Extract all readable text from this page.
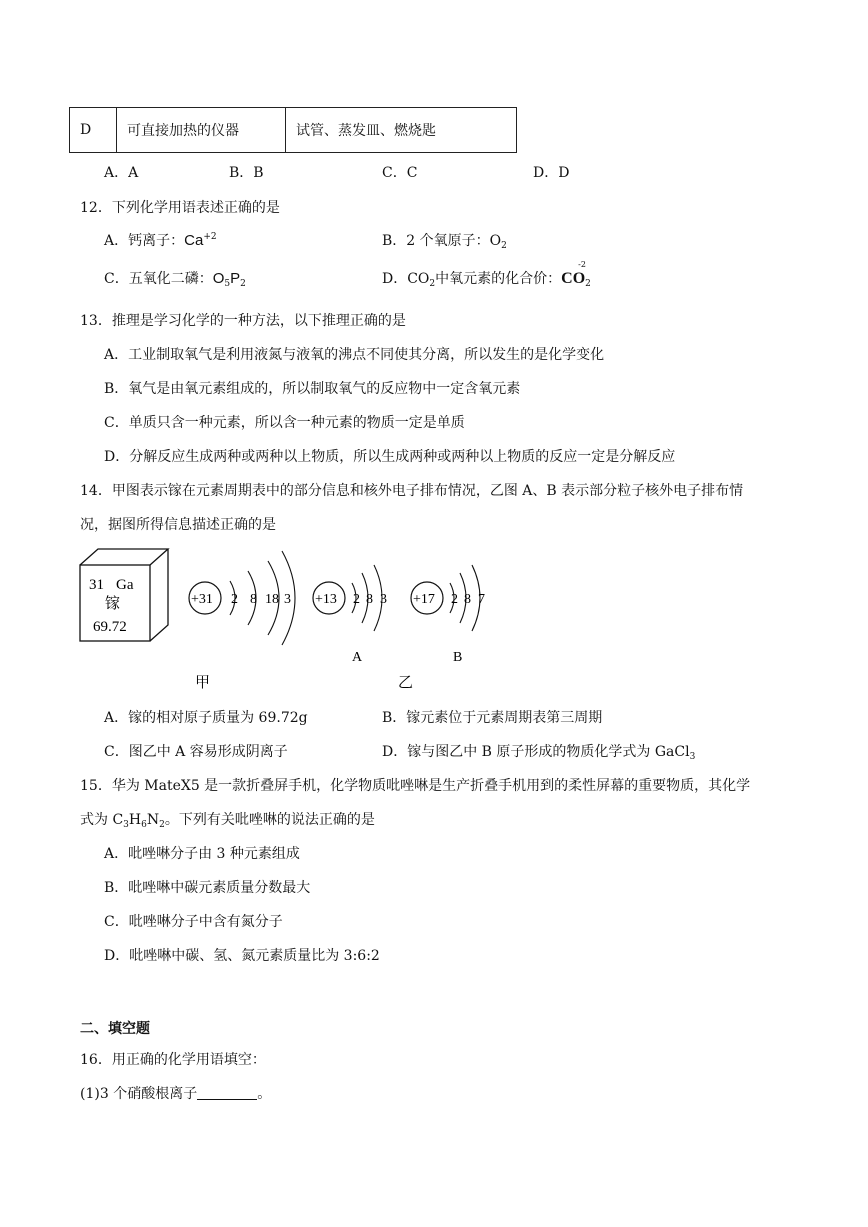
D	可直接加热的仪器	试管、蒸发皿、燃烧匙
A．A	B．B	C．C	D．D
12．下列化学用语表述正确的是
A．钙离子：$Ca^{+2}$	B．2 个氧原子：$O_2$
C．五氧化二磷：$O_5P_2$	D．$CO_2$中氧元素的化合价：
-2
$CO_2$
13．推理是学习化学的一种方法，以下推理正确的是
A．工业制取氧气是利用液氮与液氧的沸点不同使其分离，所以发生的是化学变化
B．氧气是由氧元素组成的，所以制取氧气的反应物中一定含氧元素
C．单质只含一种元素，所以含一种元素的物质一定是单质
D．分解反应生成两种或两种以上物质，所以生成两种或两种以上物质的反应一定是分解反应
14．甲图表示镓在元素周期表中的部分信息和核外电子排布情况，乙图 A、B 表示部分粒子核外电子排布情
况，据图所得信息描述正确的是
31 Ga
镓
69.72
+31 2 8 18 3 +13 2 8 3 +17 2 8 7
A	B
甲	乙
A．镓的相对原子质量为 69.72g	B．镓元素位于元素周期表第三周期
C．图乙中 A 容易形成阴离子	D．镓与图乙中 B 原子形成的物质化学式为 GaCl$_3$
15．华为 MateX5 是一款折叠屏手机，化学物质吡唑啉是生产折叠手机用到的柔性屏幕的重要物质，其化学
式为 $C_3H_6N_2$。下列有关吡唑啉的说法正确的是
A．吡唑啉分子由 3 种元素组成
B．吡唑啉中碳元素质量分数最大
C．吡唑啉分子中含有氮分子
D．吡唑啉中碳、氢、氮元素质量比为 3:6:2
二、填空题
16．用正确的化学用语填空：
(1)3 个硝酸根离子	。
